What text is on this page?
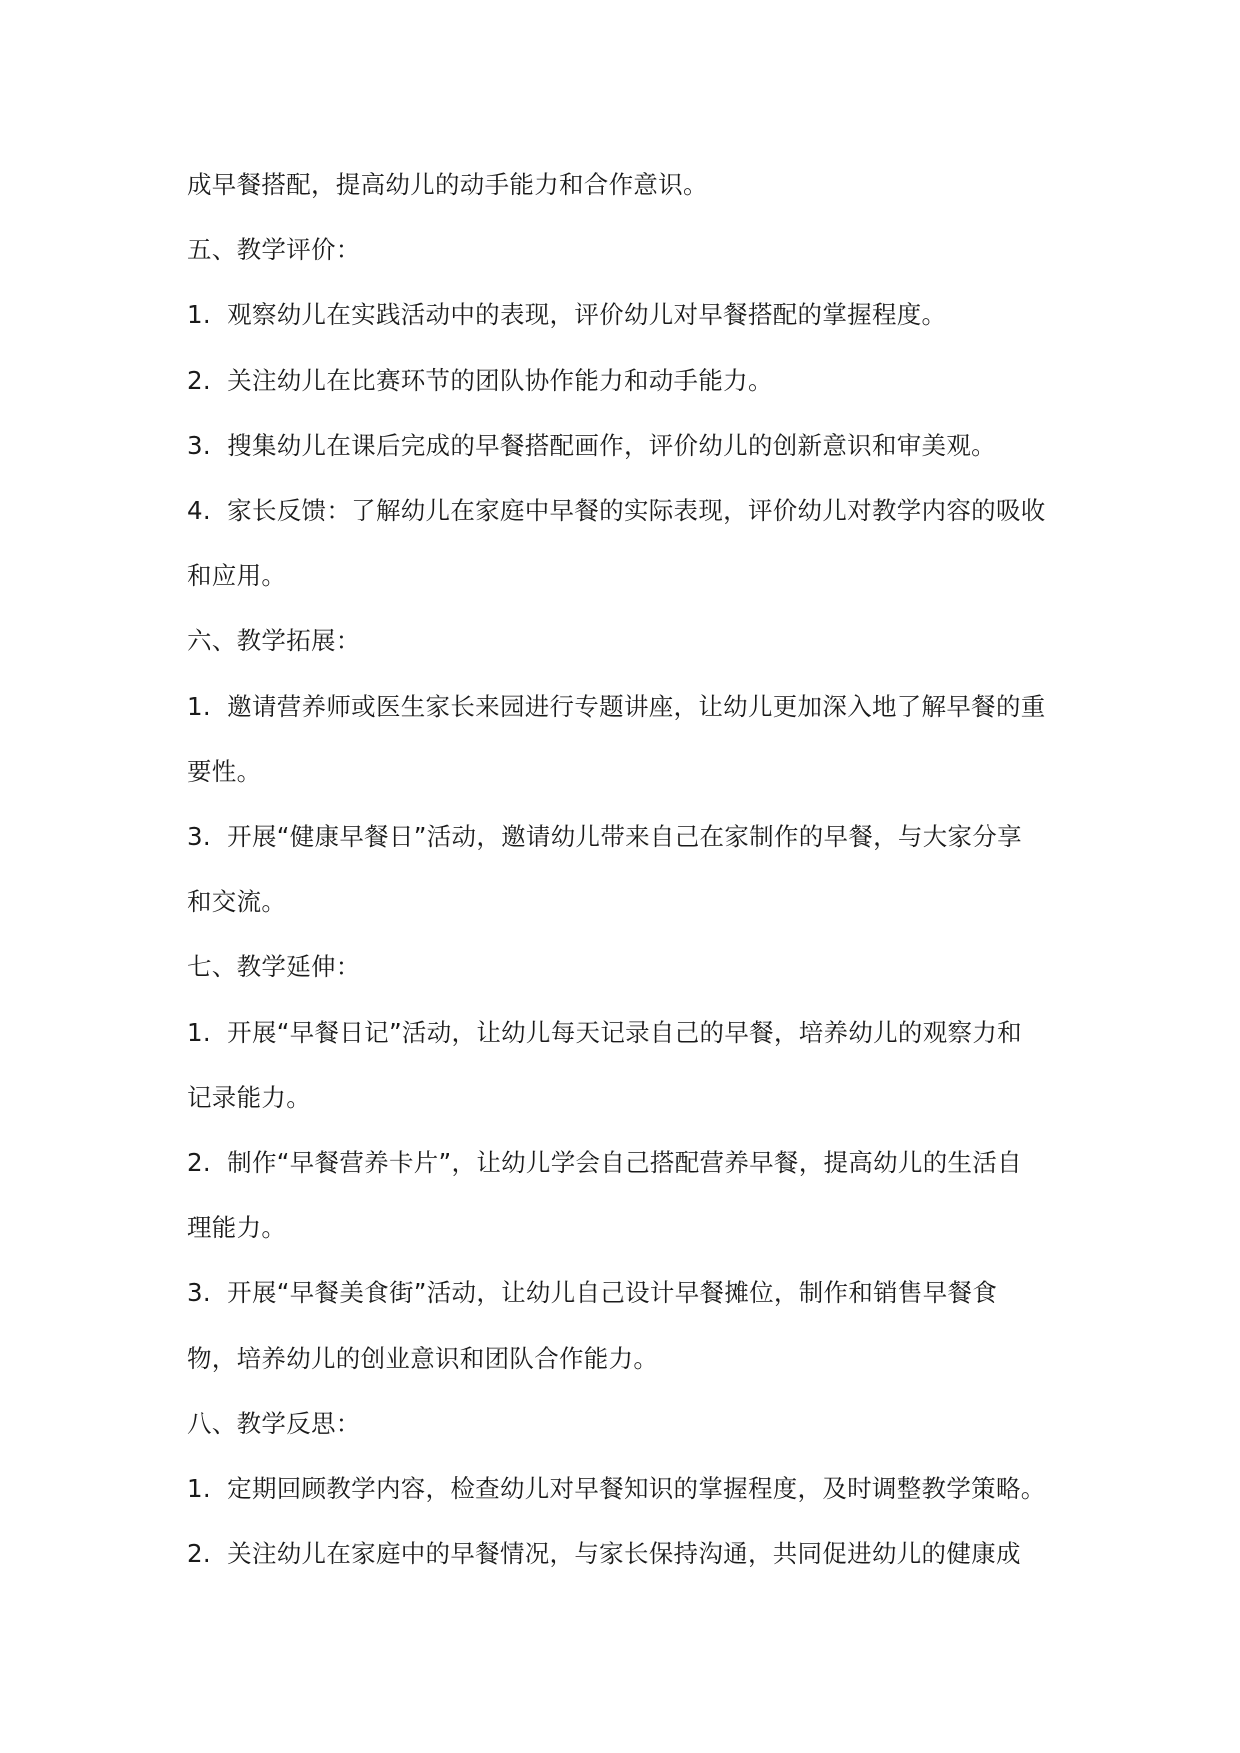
成早餐搭配，提高幼儿的动手能力和合作意识。

五、教学评价：

1.  观察幼儿在实践活动中的表现，评价幼儿对早餐搭配的掌握程度。

2.  关注幼儿在比赛环节的团队协作能力和动手能力。

3.  搜集幼儿在课后完成的早餐搭配画作，评价幼儿的创新意识和审美观。

4.  家长反馈：了解幼儿在家庭中早餐的实际表现，评价幼儿对教学内容的吸收

和应用。

六、教学拓展：

1.  邀请营养师或医生家长来园进行专题讲座，让幼儿更加深入地了解早餐的重

要性。

3.  开展“健康早餐日”活动，邀请幼儿带来自己在家制作的早餐，与大家分享

和交流。

七、教学延伸：

1.  开展“早餐日记”活动，让幼儿每天记录自己的早餐，培养幼儿的观察力和

记录能力。

2.  制作“早餐营养卡片”，让幼儿学会自己搭配营养早餐，提高幼儿的生活自

理能力。

3.  开展“早餐美食街”活动，让幼儿自己设计早餐摊位，制作和销售早餐食

物，培养幼儿的创业意识和团队合作能力。

八、教学反思：

1.  定期回顾教学内容，检查幼儿对早餐知识的掌握程度，及时调整教学策略。

2.  关注幼儿在家庭中的早餐情况，与家长保持沟通，共同促进幼儿的健康成
